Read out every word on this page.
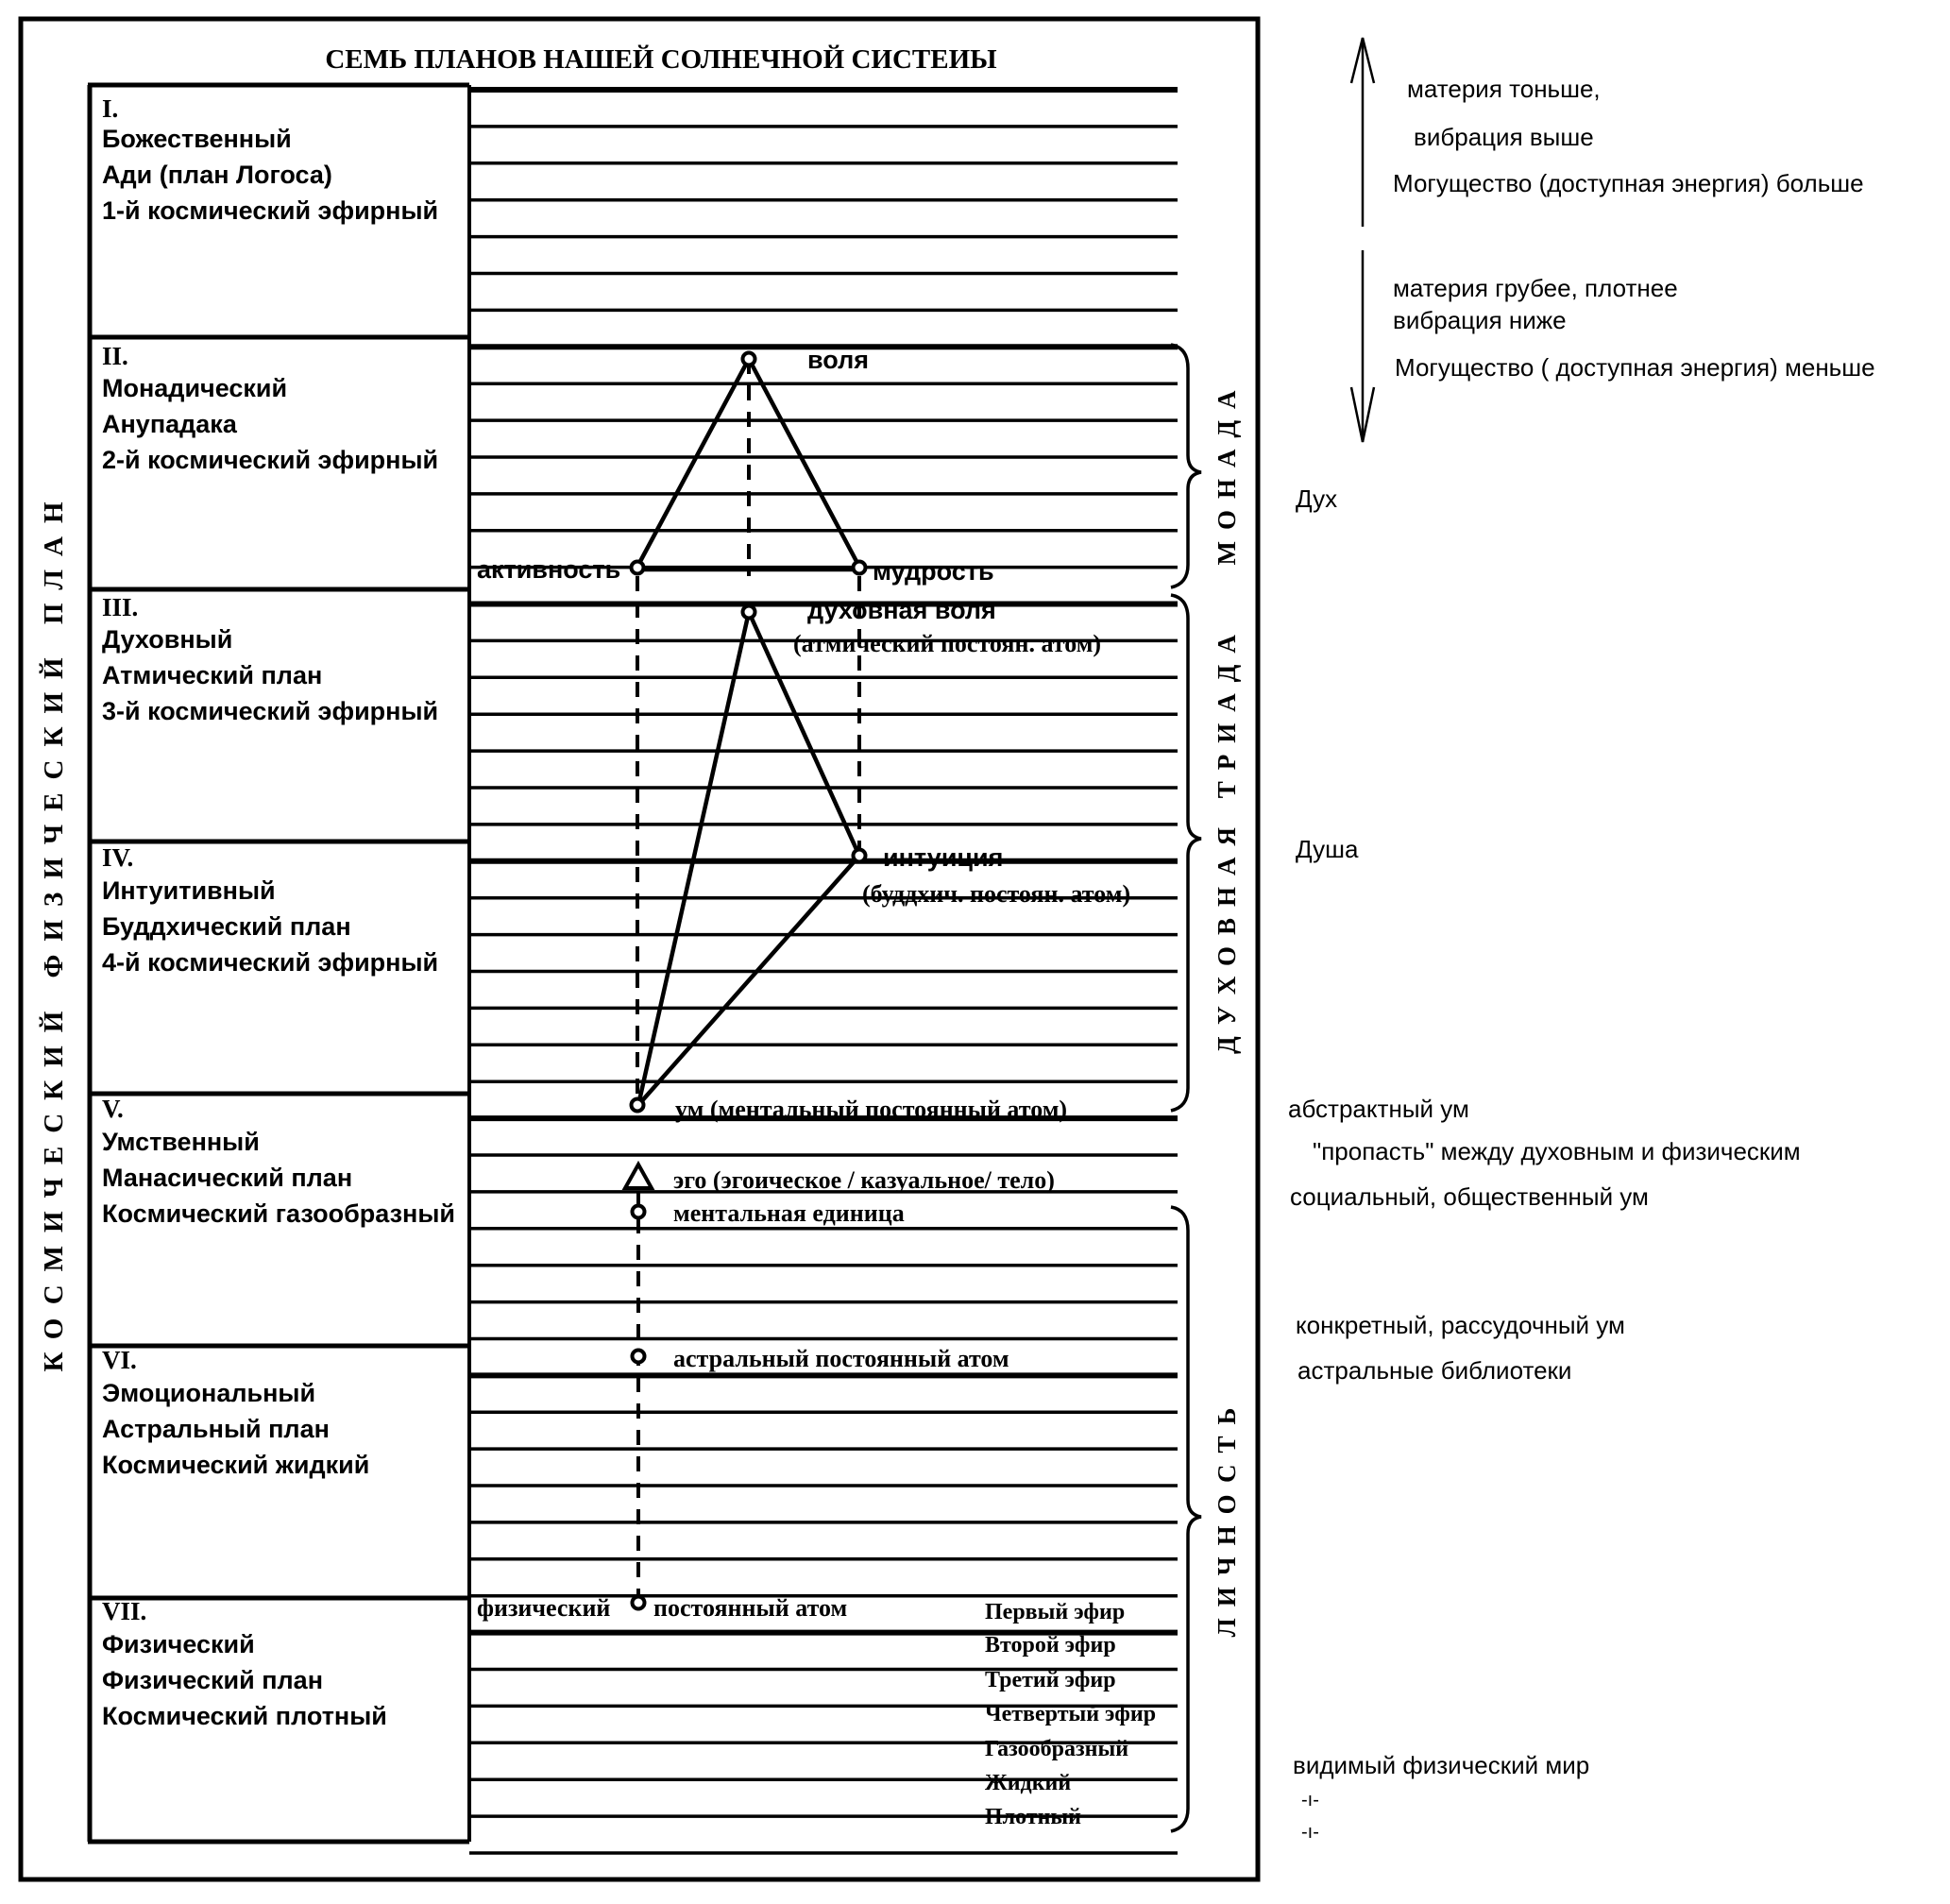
СЕМЬ ПЛАНОВ НАШЕЙ СОЛНЕЧНОЙ СИСТЕИЫ
КОСМИЧЕСКИЙ ФИЗИЧЕСКИЙ ПЛАН
I.
Божественный
Ади (план Логоса)
1-й космический эфирный
II.
Монадический
Анупадака
2-й космический эфирный
III.
Духовный
Атмический план
3-й космический эфирный
IV.
Интуитивный
Буддхический план
4-й космический эфирный
V.
Умственный
Манасический план
Космический газообразный
VI.
Эмоциональный
Астральный план
Космический жидкий
VII.
Физический
Физический план
Космический плотный
воля
активность	мудрость
духовная воля
(атмический постоян. атом)
интуиция
(буддхич. постоян. атом)
ум (ментальный постоянный атом)
эго (эгоическое / казуальное/ тело)
ментальная единица
астральный постоянный атом
физический постоянный атом	Первый эфир
Второй эфир
Третий эфир
Четвертый эфир
Газообразный
Жидкий
Плотный
МОНАДА
ДУХОВНАЯ ТРИАДА
ЛИЧНОСТЬ
материя тоньше,
вибрация выше
Могущество (доступная энергия) больше
материя грубее, плотнее
вибрация ниже
Могущество ( доступная энергия) меньше
Дух
Душа
абстрактный ум
"пропасть" между духовным и физическим
социальный, общественный ум
конкретный, рассудочный ум
астральные библиотеки
видимый физический мир
-ı-
-ı-
